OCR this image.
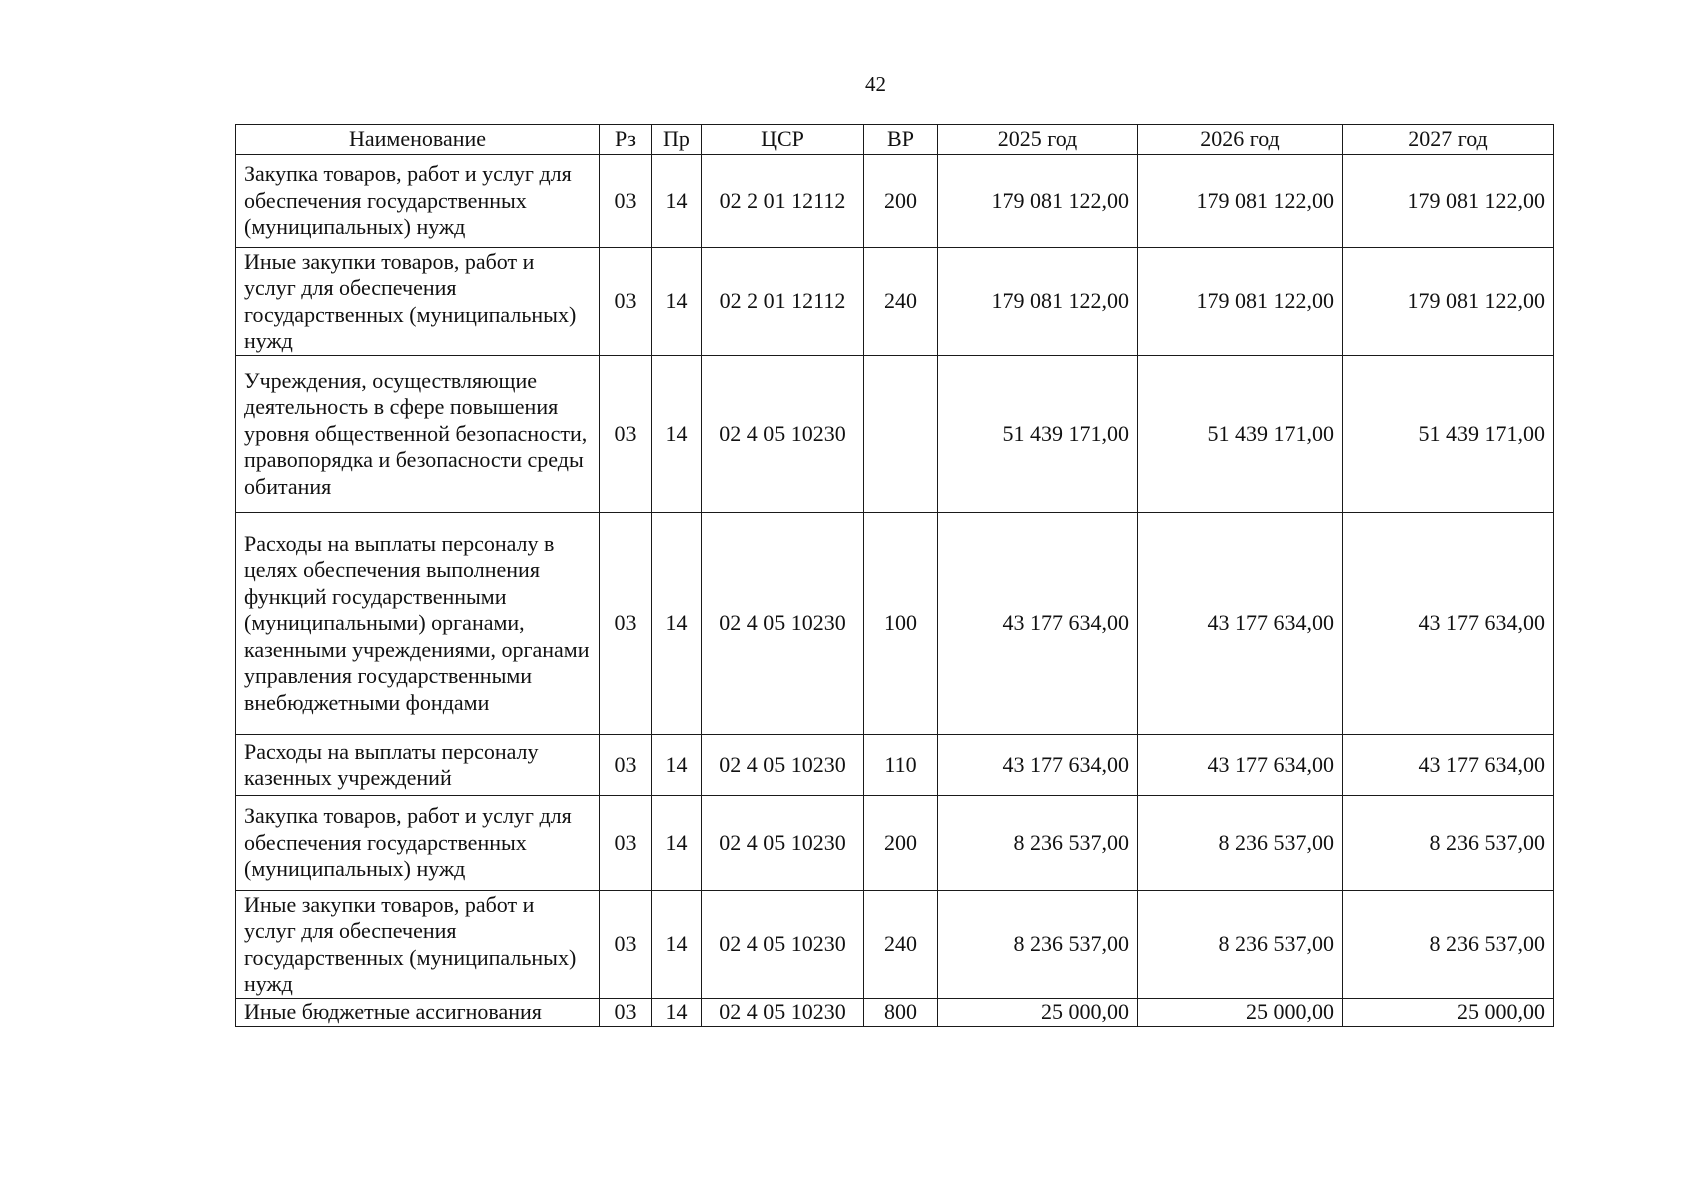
42
Наименование	Рз	Пр	ЦСР	ВР	2025 год	2026 год	2027 год
Закупка товаров, работ и услуг для обеспечения государственных (муниципальных) нужд	03	14	02 2 01 12112	200	179 081 122,00	179 081 122,00	179 081 122,00
Иные закупки товаров, работ и услуг для обеспечения государственных (муниципальных) нужд	03	14	02 2 01 12112	240	179 081 122,00	179 081 122,00	179 081 122,00
Учреждения, осуществляющие деятельность в сфере повышения уровня общественной безопасности, правопорядка и безопасности среды обитания	03	14	02 4 05 10230		51 439 171,00	51 439 171,00	51 439 171,00
Расходы на выплаты персоналу в целях обеспечения выполнения функций государственными (муниципальными) органами, казенными учреждениями, органами управления государственными внебюджетными фондами	03	14	02 4 05 10230	100	43 177 634,00	43 177 634,00	43 177 634,00
Расходы на выплаты персоналу казенных учреждений	03	14	02 4 05 10230	110	43 177 634,00	43 177 634,00	43 177 634,00
Закупка товаров, работ и услуг для обеспечения государственных (муниципальных) нужд	03	14	02 4 05 10230	200	8 236 537,00	8 236 537,00	8 236 537,00
Иные закупки товаров, работ и услуг для обеспечения государственных (муниципальных) нужд	03	14	02 4 05 10230	240	8 236 537,00	8 236 537,00	8 236 537,00
Иные бюджетные ассигнования	03	14	02 4 05 10230	800	25 000,00	25 000,00	25 000,00
